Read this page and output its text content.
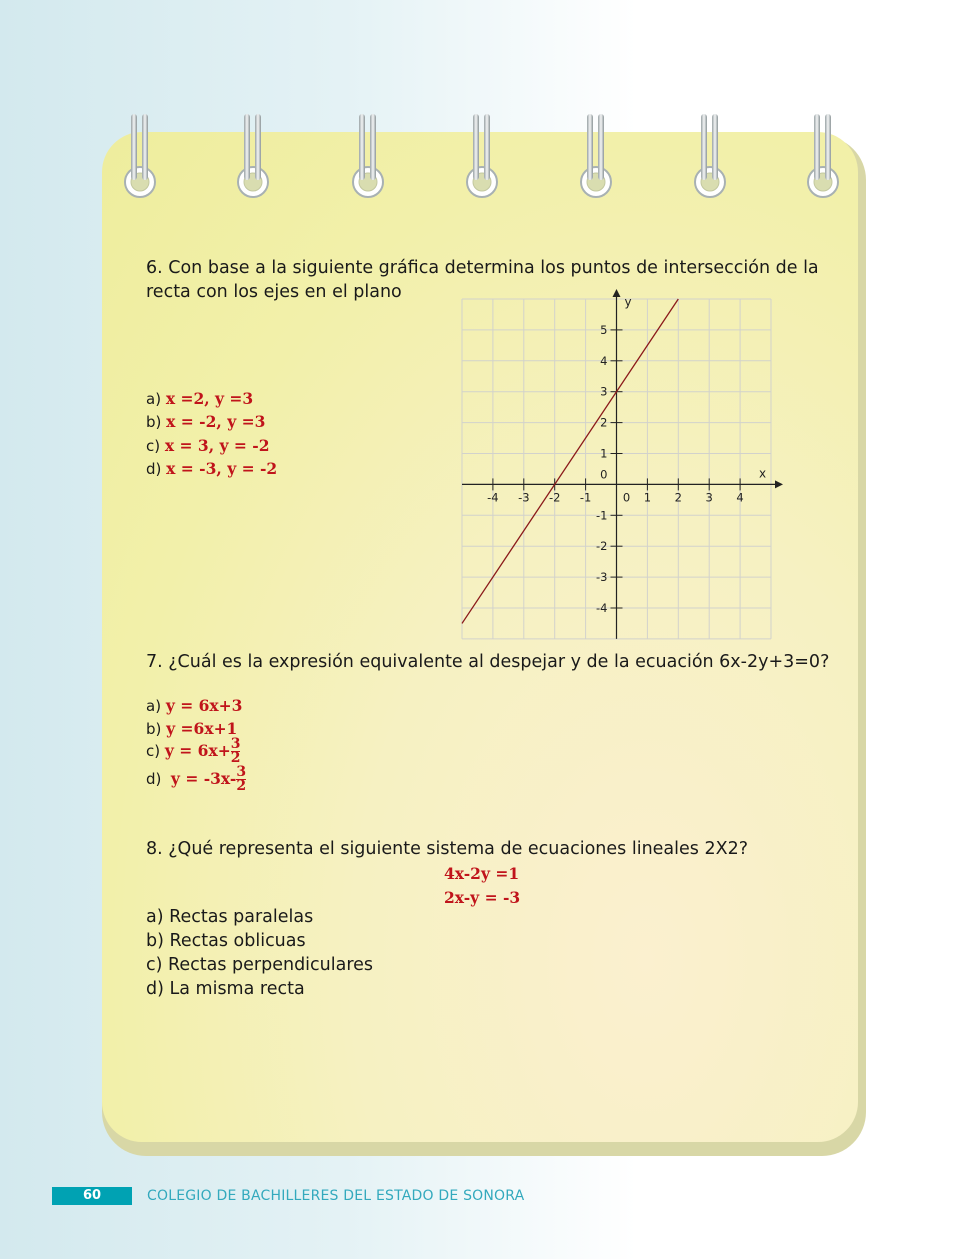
6. Con base a la siguiente gráfica determina los puntos de intersección de la recta con los ejes en el plano

a) x =2, y =3
b) x = -2, y =3
c) x = 3, y = -2
d) x = -3, y = -2	x
y
-4 -3 -2 -1	0 1 2 3 4
5
4
3
2
1
0
-1
-2
-3
-4

7. ¿Cuál es la expresión equivalente al despejar y de la ecuación 6x-2y+3=0?

a) y = 6x+3
b) y =6x+1
c) $y = 6x+ \frac{3}{2}$
d) $y = -3x- \frac{3}{2}$

8. ¿Qué representa el siguiente sistema de ecuaciones lineales 2X2?

4x-2y =1
2x-y = -3
a) Rectas paralelas
b) Rectas oblicuas
c) Rectas perpendiculares
d) La misma recta
60	COLEGIO DE BACHILLERES DEL ESTADO DE SONORA
